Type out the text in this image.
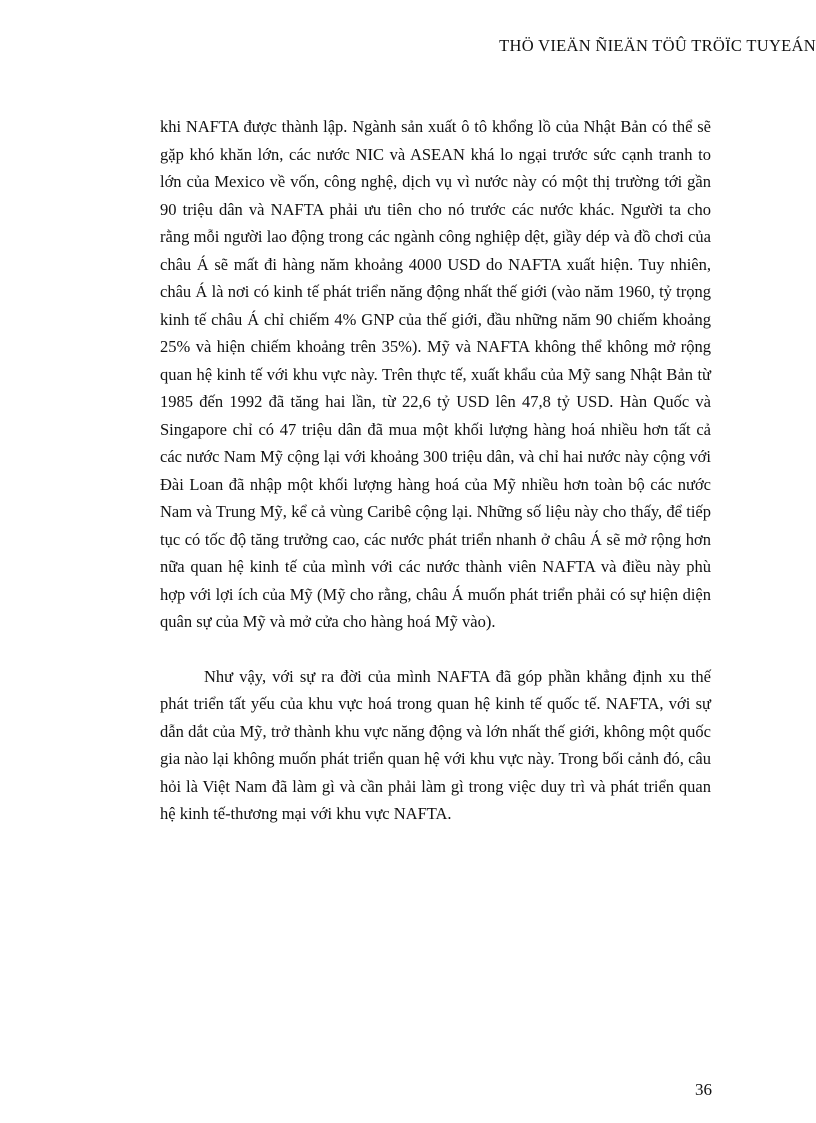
THÖ VIEÄN ÑIEÄN TÖÛ TRÖÏC TUYEÁN

khi NAFTA được thành lập. Ngành sản xuất ô tô khổng lồ của Nhật Bản có thể sẽ gặp khó khăn lớn, các nước NIC và ASEAN khá lo ngại trước sức cạnh tranh to lớn của Mexico về vốn, công nghệ, dịch vụ vì nước này có một thị trường tới gần 90 triệu dân và NAFTA phải ưu tiên cho nó trước các nước khác. Người ta cho rằng mỗi người lao động trong các ngành công nghiệp dệt, giầy dép và đồ chơi của châu Á sẽ mất đi hàng năm khoảng 4000 USD do NAFTA xuất hiện. Tuy nhiên, châu Á là nơi có kinh tế phát triển năng động nhất thế giới (vào năm 1960, tỷ trọng kinh tế châu Á chỉ chiếm 4% GNP của thế giới, đầu những năm 90 chiếm khoảng 25% và hiện chiếm khoảng trên 35%). Mỹ và NAFTA không thể không mở rộng quan hệ kinh tế với khu vực này. Trên thực tế, xuất khẩu của Mỹ sang Nhật Bản từ 1985 đến 1992 đã tăng hai lần, từ 22,6 tỷ USD lên 47,8 tỷ USD. Hàn Quốc và Singapore chỉ có 47 triệu dân đã mua một khối lượng hàng hoá nhiều hơn tất cả các nước Nam Mỹ cộng lại với khoảng 300 triệu dân, và chỉ hai nước này cộng với Đài Loan đã nhập một khối lượng hàng hoá của Mỹ nhiều hơn toàn bộ các nước Nam và Trung Mỹ, kể cả vùng Caribê cộng lại. Những số liệu này cho thấy, để tiếp tục có tốc độ tăng trưởng cao, các nước phát triển nhanh ở châu Á sẽ mở rộng hơn nữa quan hệ kinh tế của mình với các nước thành viên NAFTA và điều này phù hợp với lợi ích của Mỹ (Mỹ cho rằng, châu Á muốn phát triển phải có sự hiện diện quân sự của Mỹ và mở cửa cho hàng hoá Mỹ vào).

Như vậy, với sự ra đời của mình NAFTA đã góp phần khẳng định xu thế phát triển tất yếu của khu vực hoá trong quan hệ kinh tế quốc tế. NAFTA, với sự dẫn dắt của Mỹ, trở thành khu vực năng động và lớn nhất thế giới, không một quốc gia nào lại không muốn phát triển quan hệ với khu vực này. Trong bối cảnh đó, câu hỏi là Việt Nam đã làm gì và cần phải làm gì trong việc duy trì và phát triển quan hệ kinh tế-thương mại với khu vực NAFTA.

36
